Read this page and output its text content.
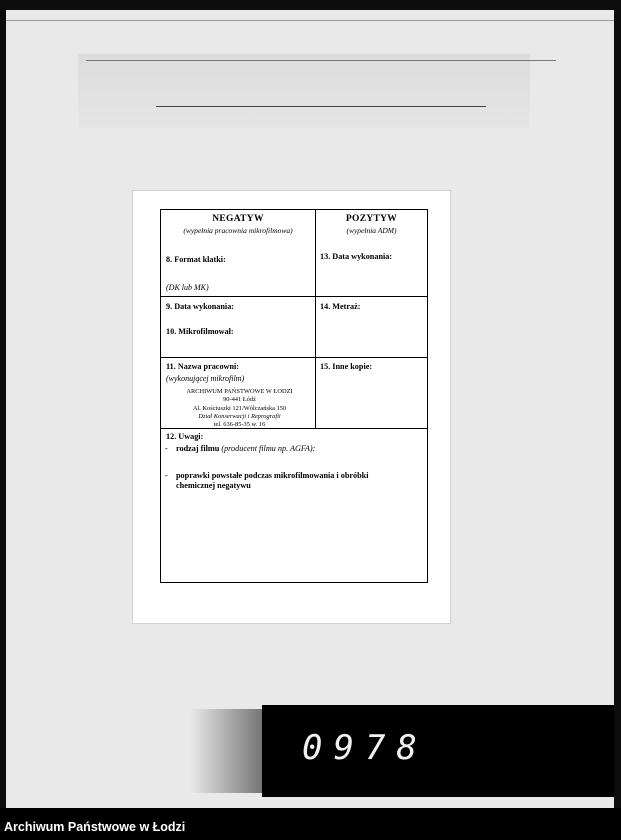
NEGATYW
(wypełnia pracownia mikrofilmowa)
8. Format klatki:
(DK lub MK)
POZYTYW
(wypełnia ADM)
13. Data wykonania:
9. Data wykonania:
10. Mikrofilmował:
14. Metraż:
11. Nazwa pracowni:
(wykonującej mikrofilm)
ARCHIWUM PAŃSTWOWE W ŁODZI
90-441 Łódź
Al. Kościuszki 121/Wólczańska 150
Dział Konserwacji i Reprografii
tel. 636-85-35 w. 16
15. Inne kopie:
12. Uwagi:
- rodzaj filmu (producent filmu np. AGFA):
- poprawki powstałe podczas mikrofilmowania i obróbki chemicznej negatywu
0978
Archiwum Państwowe w Łodzi
